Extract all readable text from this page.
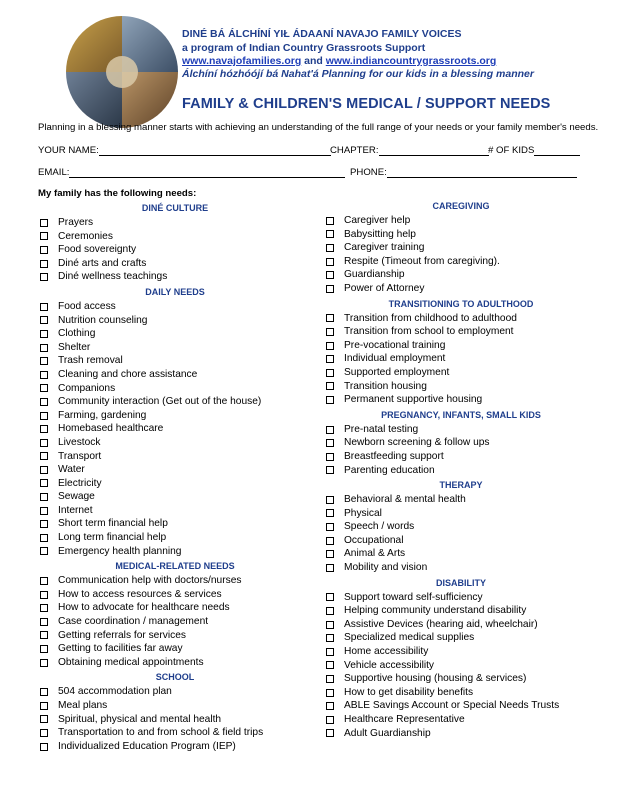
DINÉ BÁ ÁLCHÍNÍ YIŁ ÁDAANÍ NAVAJO FAMILY VOICES
a program of Indian Country Grassroots Support
www.navajofamilies.org and www.indiancountrygrassroots.org
Álchíní hózhóójí bá Nahat'á Planning for our kids in a blessing manner
FAMILY & CHILDREN'S MEDICAL / SUPPORT NEEDS
Planning in a blessing manner starts with achieving an understanding of the full range of your needs or your family member's needs.
YOUR NAME:	CHAPTER:	# OF KIDS
EMAIL:	PHONE:
My family has the following needs:
DINÉ CULTURE
Prayers
Ceremonies
Food sovereignty
Diné arts and crafts
Diné wellness teachings
DAILY NEEDS
Food access
Nutrition counseling
Clothing
Shelter
Trash removal
Cleaning and chore assistance
Companions
Community interaction (Get out of the house)
Farming, gardening
Homebased healthcare
Livestock
Transport
Water
Electricity
Sewage
Internet
Short term financial help
Long term financial help
Emergency health planning
MEDICAL-RELATED NEEDS
Communication help with doctors/nurses
How to access resources & services
How to advocate for healthcare needs
Case coordination / management
Getting referrals for services
Getting to facilities far away
Obtaining medical appointments
SCHOOL
504 accommodation plan
Meal plans
Spiritual, physical and mental health
Transportation to and from school & field trips
Individualized Education Program (IEP)
CAREGIVING
Caregiver help
Babysitting help
Caregiver training
Respite (Timeout from caregiving).
Guardianship
Power of Attorney
TRANSITIONING TO ADULTHOOD
Transition from childhood to adulthood
Transition from school to employment
Pre-vocational training
Individual employment
Supported employment
Transition housing
Permanent supportive housing
PREGNANCY, INFANTS, SMALL KIDS
Pre-natal testing
Newborn screening & follow ups
Breastfeeding support
Parenting education
THERAPY
Behavioral & mental health
Physical
Speech / words
Occupational
Animal & Arts
Mobility and vision
DISABILITY
Support toward self-sufficiency
Helping community understand disability
Assistive Devices (hearing aid, wheelchair)
Specialized medical supplies
Home accessibility
Vehicle accessibility
Supportive housing (housing & services)
How to get disability benefits
ABLE Savings Account or Special Needs Trusts
Healthcare Representative
Adult Guardianship
